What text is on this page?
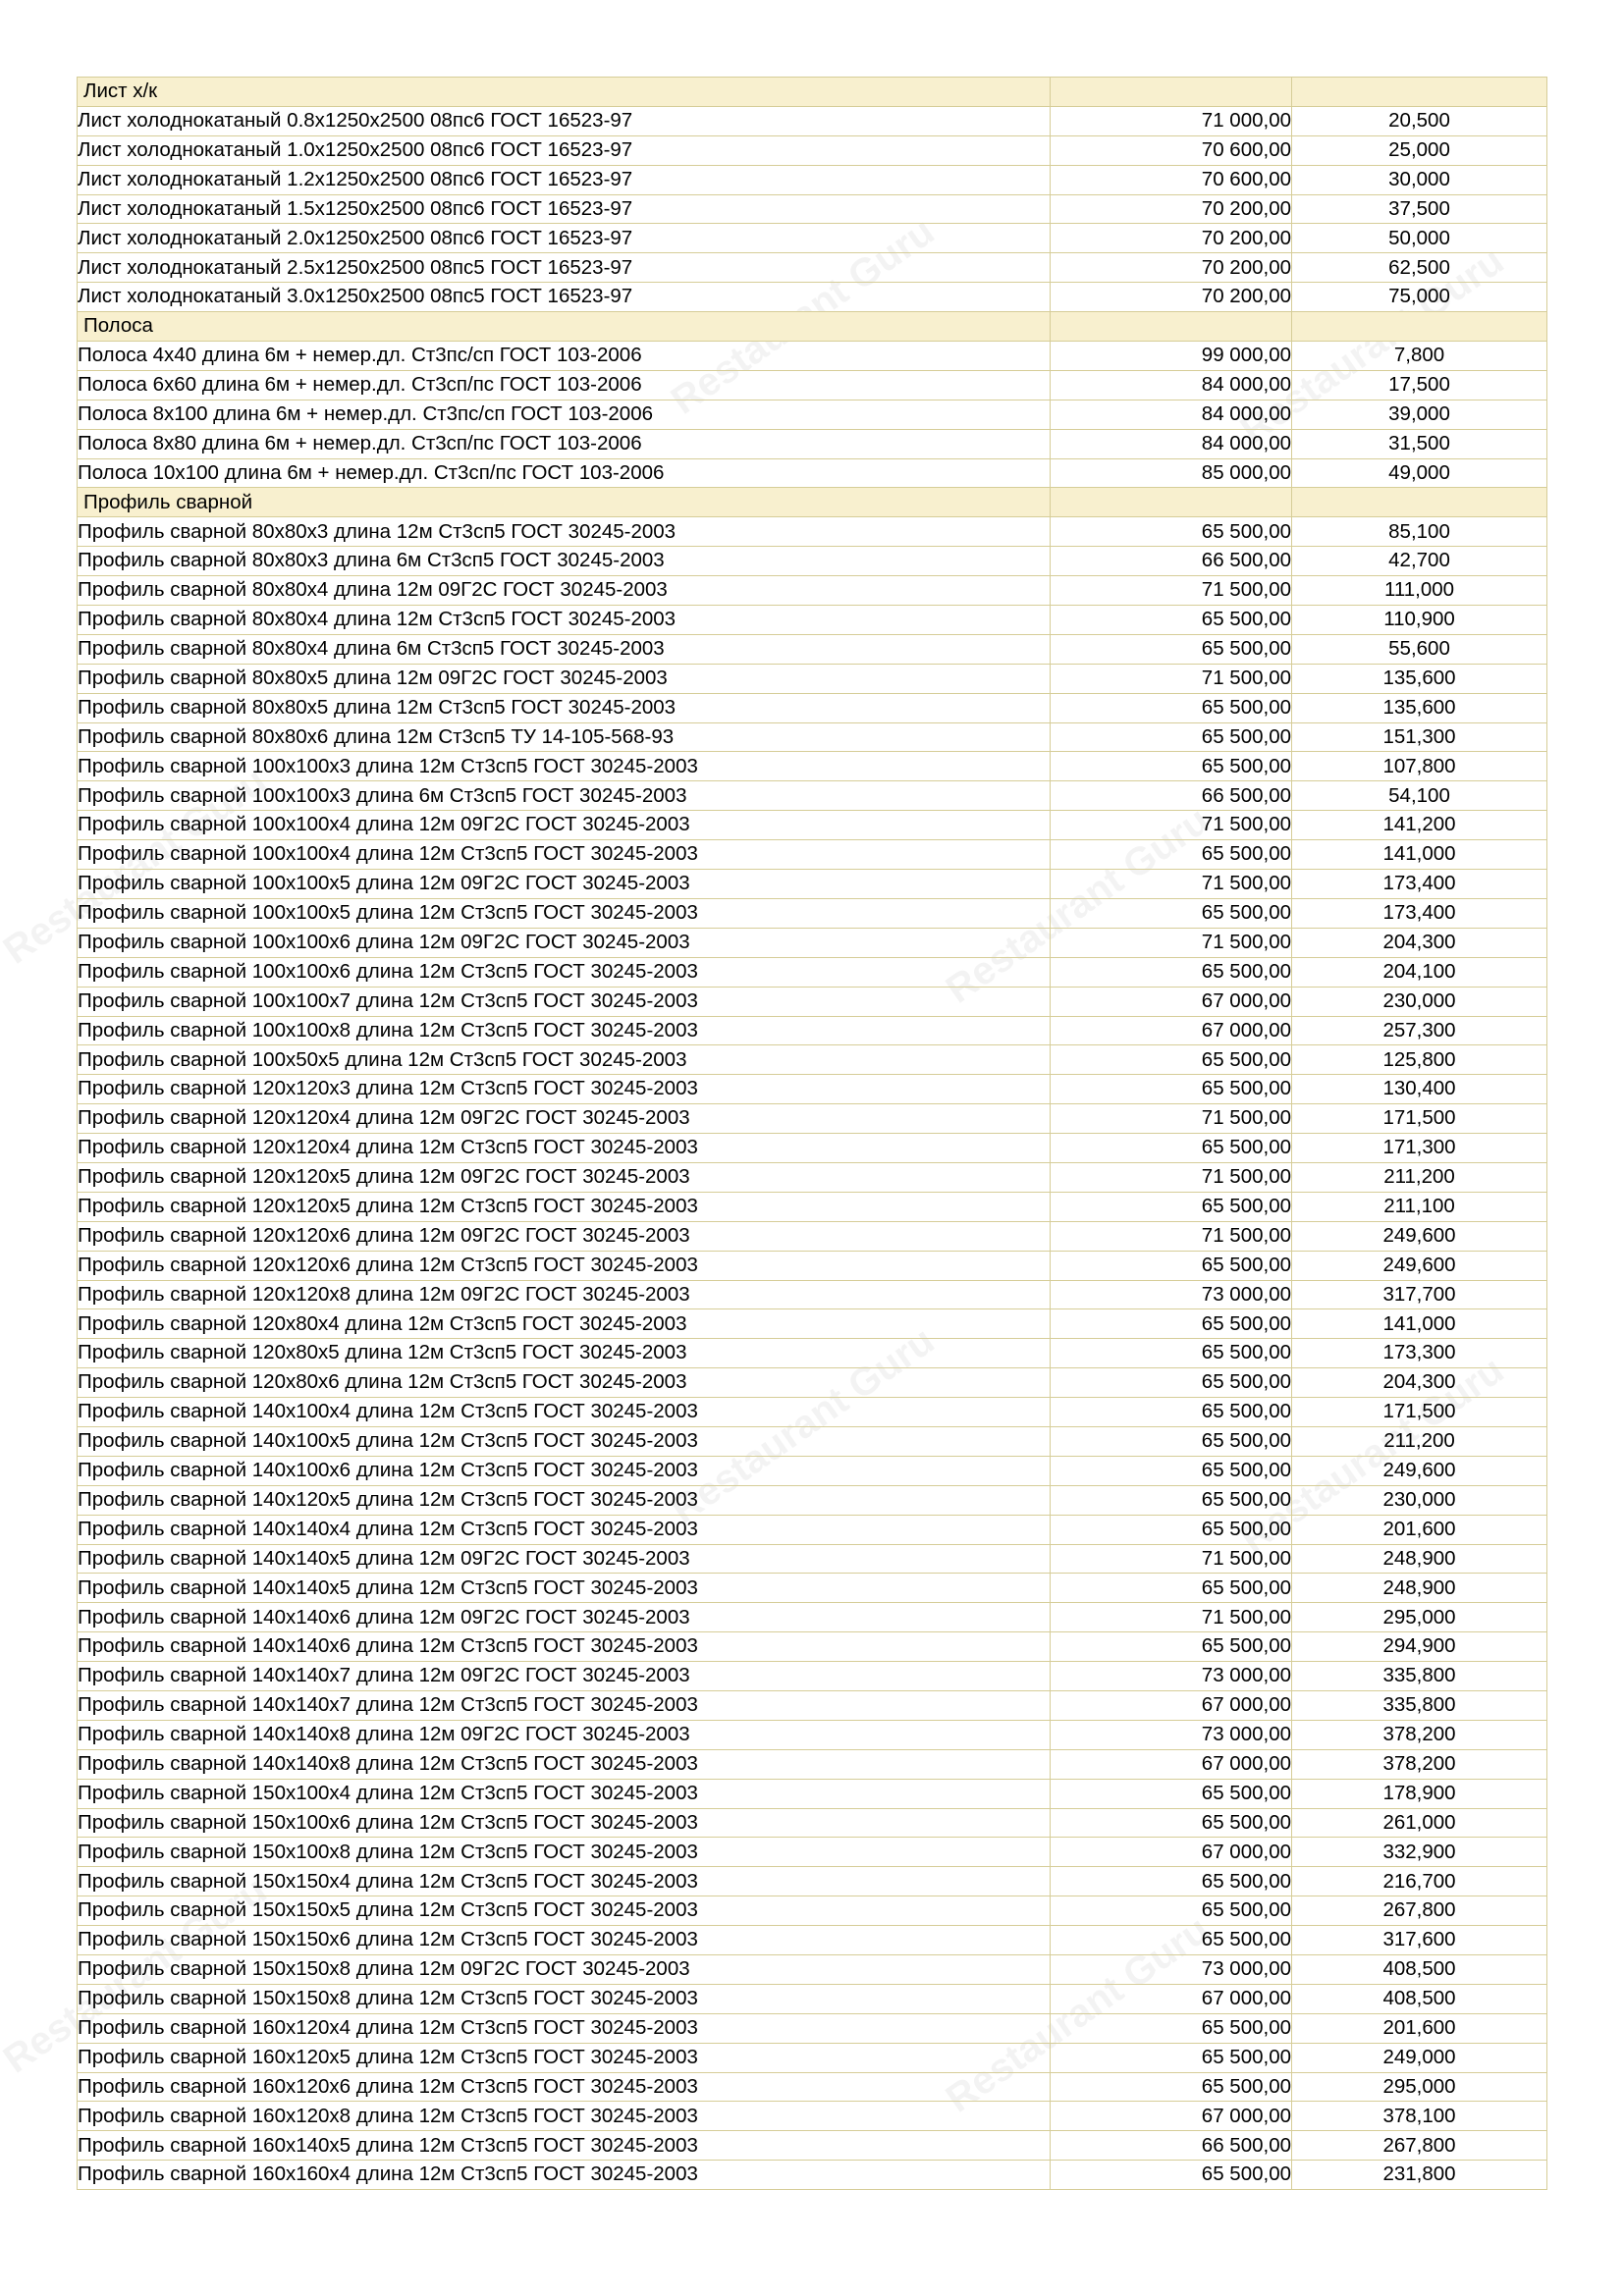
Лист х/к		
Лист холоднокатаный 0.8х1250х2500 08пс6 ГОСТ 16523-97	71 000,00	20,500
Лист холоднокатаный 1.0х1250х2500 08пс6 ГОСТ 16523-97	70 600,00	25,000
Лист холоднокатаный 1.2х1250х2500 08пс6 ГОСТ 16523-97	70 600,00	30,000
Лист холоднокатаный 1.5х1250х2500 08пс6 ГОСТ 16523-97	70 200,00	37,500
Лист холоднокатаный 2.0х1250х2500 08пс6 ГОСТ 16523-97	70 200,00	50,000
Лист холоднокатаный 2.5х1250х2500 08пс5 ГОСТ 16523-97	70 200,00	62,500
Лист холоднокатаный 3.0х1250х2500 08пс5 ГОСТ 16523-97	70 200,00	75,000
Полоса		
Полоса 4х40 длина 6м + немер.дл. Ст3пс/сп ГОСТ 103-2006	99 000,00	7,800
Полоса 6х60 длина 6м + немер.дл. Ст3сп/пс ГОСТ 103-2006	84 000,00	17,500
Полоса 8х100 длина 6м + немер.дл. Ст3пс/сп ГОСТ 103-2006	84 000,00	39,000
Полоса 8х80 длина 6м + немер.дл. Ст3сп/пс ГОСТ 103-2006	84 000,00	31,500
Полоса 10х100 длина 6м + немер.дл. Ст3сп/пс ГОСТ 103-2006	85 000,00	49,000
Профиль сварной		
Профиль сварной 80х80х3 длина 12м Ст3сп5 ГОСТ 30245-2003	65 500,00	85,100
Профиль сварной 80х80х3 длина 6м Ст3сп5 ГОСТ 30245-2003	66 500,00	42,700
Профиль сварной 80х80х4 длина 12м 09Г2С ГОСТ 30245-2003	71 500,00	111,000
Профиль сварной 80х80х4 длина 12м Ст3сп5 ГОСТ 30245-2003	65 500,00	110,900
Профиль сварной 80х80х4 длина 6м Ст3сп5 ГОСТ 30245-2003	65 500,00	55,600
Профиль сварной 80х80х5 длина 12м 09Г2С ГОСТ 30245-2003	71 500,00	135,600
Профиль сварной 80х80х5 длина 12м Ст3сп5 ГОСТ 30245-2003	65 500,00	135,600
Профиль сварной 80х80х6 длина 12м Ст3сп5 ТУ 14-105-568-93	65 500,00	151,300
Профиль сварной 100х100х3 длина 12м Ст3сп5 ГОСТ 30245-2003	65 500,00	107,800
Профиль сварной 100х100х3 длина 6м Ст3сп5 ГОСТ 30245-2003	66 500,00	54,100
Профиль сварной 100х100х4 длина 12м 09Г2С ГОСТ 30245-2003	71 500,00	141,200
Профиль сварной 100х100х4 длина 12м Ст3сп5 ГОСТ 30245-2003	65 500,00	141,000
Профиль сварной 100х100х5 длина 12м 09Г2С ГОСТ 30245-2003	71 500,00	173,400
Профиль сварной 100х100х5 длина 12м Ст3сп5 ГОСТ 30245-2003	65 500,00	173,400
Профиль сварной 100х100х6 длина 12м 09Г2С ГОСТ 30245-2003	71 500,00	204,300
Профиль сварной 100х100х6 длина 12м Ст3сп5 ГОСТ 30245-2003	65 500,00	204,100
Профиль сварной 100х100х7 длина 12м Ст3сп5 ГОСТ 30245-2003	67 000,00	230,000
Профиль сварной 100х100х8 длина 12м Ст3сп5 ГОСТ 30245-2003	67 000,00	257,300
Профиль сварной 100х50х5 длина 12м Ст3сп5 ГОСТ 30245-2003	65 500,00	125,800
Профиль сварной 120х120х3 длина 12м Ст3сп5 ГОСТ 30245-2003	65 500,00	130,400
Профиль сварной 120х120х4 длина 12м 09Г2С ГОСТ 30245-2003	71 500,00	171,500
Профиль сварной 120х120х4 длина 12м Ст3сп5 ГОСТ 30245-2003	65 500,00	171,300
Профиль сварной 120х120х5 длина 12м 09Г2С ГОСТ 30245-2003	71 500,00	211,200
Профиль сварной 120х120х5 длина 12м Ст3сп5 ГОСТ 30245-2003	65 500,00	211,100
Профиль сварной 120х120х6 длина 12м 09Г2С ГОСТ 30245-2003	71 500,00	249,600
Профиль сварной 120х120х6 длина 12м Ст3сп5 ГОСТ 30245-2003	65 500,00	249,600
Профиль сварной 120х120х8 длина 12м 09Г2С ГОСТ 30245-2003	73 000,00	317,700
Профиль сварной 120х80х4 длина 12м Ст3сп5 ГОСТ 30245-2003	65 500,00	141,000
Профиль сварной 120х80х5 длина 12м Ст3сп5 ГОСТ 30245-2003	65 500,00	173,300
Профиль сварной 120х80х6 длина 12м Ст3сп5 ГОСТ 30245-2003	65 500,00	204,300
Профиль сварной 140х100х4 длина 12м Ст3сп5 ГОСТ 30245-2003	65 500,00	171,500
Профиль сварной 140х100х5 длина 12м Ст3сп5 ГОСТ 30245-2003	65 500,00	211,200
Профиль сварной 140х100х6 длина 12м Ст3сп5 ГОСТ 30245-2003	65 500,00	249,600
Профиль сварной 140х120х5 длина 12м Ст3сп5 ГОСТ 30245-2003	65 500,00	230,000
Профиль сварной 140х140х4 длина 12м Ст3сп5 ГОСТ 30245-2003	65 500,00	201,600
Профиль сварной 140х140х5 длина 12м 09Г2С ГОСТ 30245-2003	71 500,00	248,900
Профиль сварной 140х140х5 длина 12м Ст3сп5 ГОСТ 30245-2003	65 500,00	248,900
Профиль сварной 140х140х6 длина 12м 09Г2С ГОСТ 30245-2003	71 500,00	295,000
Профиль сварной 140х140х6 длина 12м Ст3сп5 ГОСТ 30245-2003	65 500,00	294,900
Профиль сварной 140х140х7 длина 12м 09Г2С ГОСТ 30245-2003	73 000,00	335,800
Профиль сварной 140х140х7 длина 12м Ст3сп5 ГОСТ 30245-2003	67 000,00	335,800
Профиль сварной 140х140х8 длина 12м 09Г2С ГОСТ 30245-2003	73 000,00	378,200
Профиль сварной 140х140х8 длина 12м Ст3сп5 ГОСТ 30245-2003	67 000,00	378,200
Профиль сварной 150х100х4 длина 12м Ст3сп5 ГОСТ 30245-2003	65 500,00	178,900
Профиль сварной 150х100х6 длина 12м Ст3сп5 ГОСТ 30245-2003	65 500,00	261,000
Профиль сварной 150х100х8 длина 12м Ст3сп5 ГОСТ 30245-2003	67 000,00	332,900
Профиль сварной 150х150х4 длина 12м Ст3сп5 ГОСТ 30245-2003	65 500,00	216,700
Профиль сварной 150х150х5 длина 12м Ст3сп5 ГОСТ 30245-2003	65 500,00	267,800
Профиль сварной 150х150х6 длина 12м Ст3сп5 ГОСТ 30245-2003	65 500,00	317,600
Профиль сварной 150х150х8 длина 12м 09Г2С ГОСТ 30245-2003	73 000,00	408,500
Профиль сварной 150х150х8 длина 12м Ст3сп5 ГОСТ 30245-2003	67 000,00	408,500
Профиль сварной 160х120х4 длина 12м Ст3сп5 ГОСТ 30245-2003	65 500,00	201,600
Профиль сварной 160х120х5 длина 12м Ст3сп5 ГОСТ 30245-2003	65 500,00	249,000
Профиль сварной 160х120х6 длина 12м Ст3сп5 ГОСТ 30245-2003	65 500,00	295,000
Профиль сварной 160х120х8 длина 12м Ст3сп5 ГОСТ 30245-2003	67 000,00	378,100
Профиль сварной 160х140х5 длина 12м Ст3сп5 ГОСТ 30245-2003	66 500,00	267,800
Профиль сварной 160х160х4 длина 12м Ст3сп5 ГОСТ 30245-2003	65 500,00	231,800
